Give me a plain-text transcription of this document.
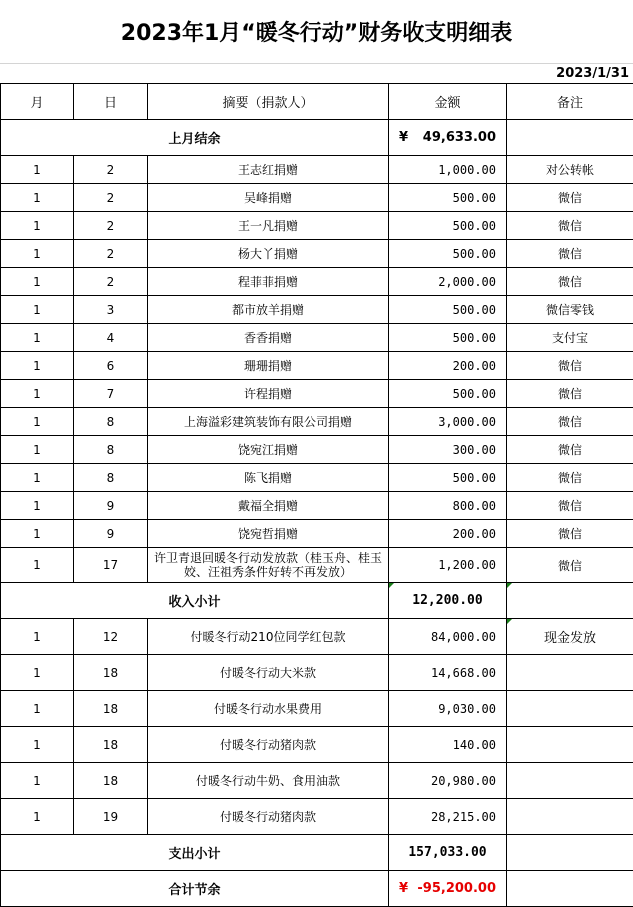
2023年1月“暖冬行动”财务收支明细表
2023/1/31
月	日	摘要（捐款人）	金额	备注
上月结余			¥ 49,633.00	

1	2	王志红捐赠	1,000.00	对公转帐
1	2	吴峰捐赠	500.00	微信
1	2	王一凡捐赠	500.00	微信
1	2	杨大丫捐赠	500.00	微信
1	2	程菲菲捐赠	2,000.00	微信
1	3	都市放羊捐赠	500.00	微信零钱
1	4	香香捐赠	500.00	支付宝
1	6	珊珊捐赠	200.00	微信
1	7	许程捐赠	500.00	微信
1	8	上海溢彩建筑装饰有限公司捐赠	3,000.00	微信
1	8	饶宛江捐赠	300.00	微信
1	8	陈飞捐赠	500.00	微信
1	9	戴福全捐赠	800.00	微信
1	9	饶宛哲捐赠	200.00	微信
1	17	许卫青退回暖冬行动发放款（桂玉舟、桂玉姣、汪祖秀条件好转不再发放）	1,200.00	微信
收入小计			12,200.00	
1	12	付暖冬行动210位同学红包款	84,000.00	现金发放
1	18	付暖冬行动大米款	14,668.00	
1	18	付暖冬行动水果费用	9,030.00	
1	18	付暖冬行动猪肉款	140.00	
1	18	付暖冬行动牛奶、食用油款	20,980.00	
1	19	付暖冬行动猪肉款	28,215.00	
支出小计			157,033.00	
合计节余			¥ -95,200.00	
